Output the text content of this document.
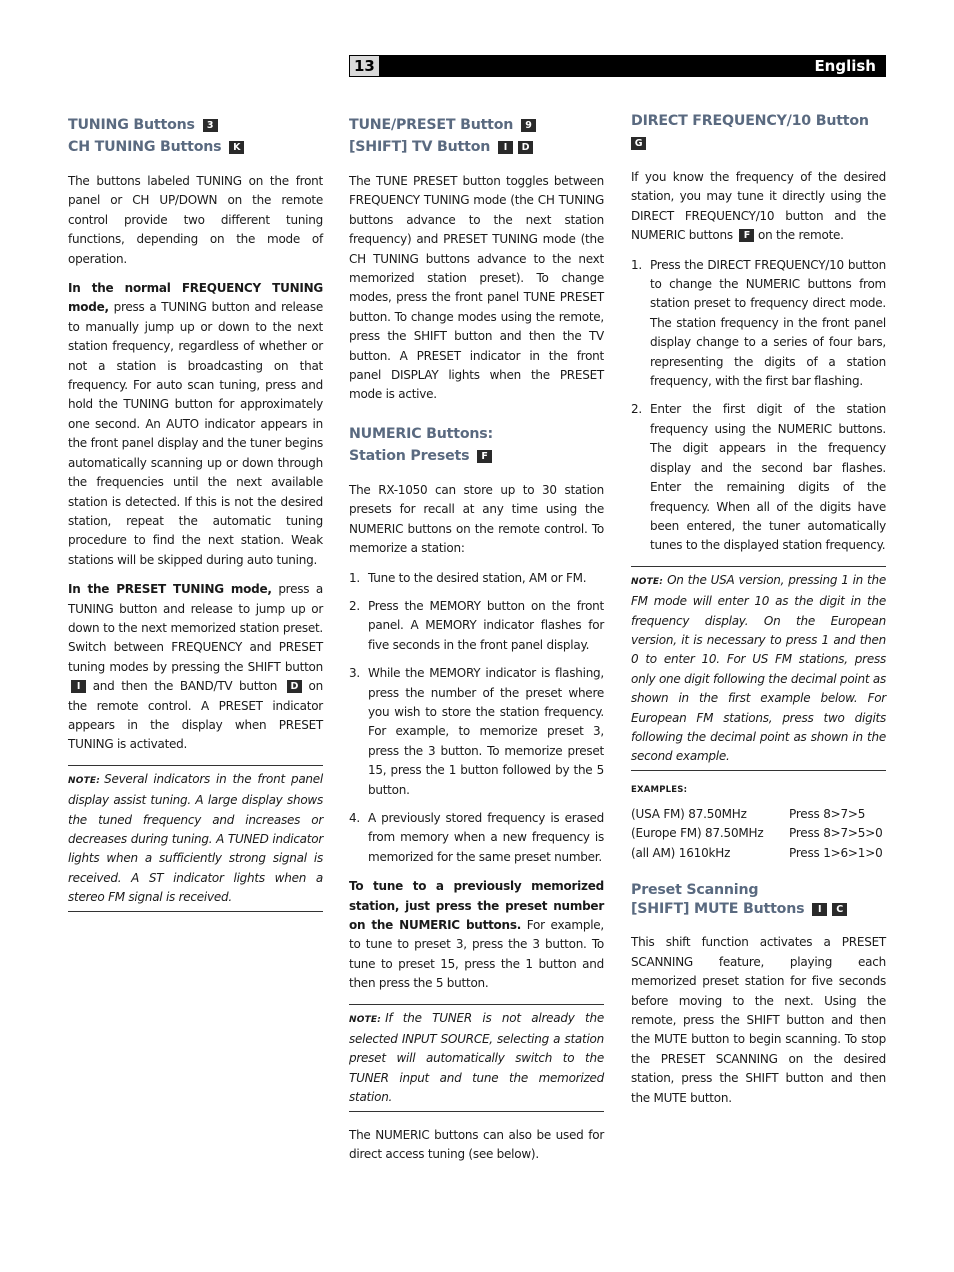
13	English
TUNING Buttons 3
CH TUNING Buttons K

The buttons labeled TUNING on the front panel or CH UP/DOWN on the remote control provide two different tuning functions, depending on the mode of operation.

In the normal FREQUENCY TUNING mode, press a TUNING button and release to manually jump up or down to the next station frequency, regardless of whether or not a station is broadcasting on that frequency. For auto scan tuning, press and hold the TUNING button for approximately one second. An AUTO indicator appears in the front panel display and the tuner begins automatically scanning up or down through the frequencies until the next available station is detected. If this is not the desired station, repeat the automatic tuning procedure to find the next station. Weak stations will be skipped during auto tuning.

In the PRESET TUNING mode, press a TUNING button and release to jump up or down to the next memorized station preset. Switch between FREQUENCY and PRESET tuning modes by pressing the SHIFT button I and then the BAND/TV button D on the remote control. A PRESET indicator appears in the display when PRESET TUNING is activated.

NOTE: Several indicators in the front panel display assist tuning. A large display shows the tuned frequency and increases or decreases during tuning. A TUNED indicator lights when a sufficiently strong signal is received. A ST indicator lights when a stereo FM signal is received.

TUNE/PRESET Button 9
[SHIFT] TV Button I D

The TUNE PRESET button toggles between FREQUENCY TUNING mode (the CH TUNING buttons advance to the next station frequency) and PRESET TUNING mode (the CH TUNING buttons advance to the next memorized station preset). To change modes, press the front panel TUNE PRESET button. To change modes using the remote, press the SHIFT button and then the TV button. A PRESET indicator in the front panel DISPLAY lights when the PRESET mode is active.

NUMERIC Buttons:
Station Presets F

The RX-1050 can store up to 30 station presets for recall at any time using the NUMERIC buttons on the remote control. To memorize a station:

1. Tune to the desired station, AM or FM.
2. Press the MEMORY button on the front panel. A MEMORY indicator flashes for five seconds in the front panel display.
3. While the MEMORY indicator is flashing, press the number of the preset where you wish to store the station frequency. For example, to memorize preset 3, press the 3 button. To memorize preset 15, press the 1 button followed by the 5 button.
4. A previously stored frequency is erased from memory when a new frequency is memorized for the same preset number.

To tune to a previously memorized station, just press the preset number on the NUMERIC buttons. For example, to tune to preset 3, press the 3 button. To tune to preset 15, press the 1 button and then press the 5 button.

NOTE: If the TUNER is not already the selected INPUT SOURCE, selecting a station preset will automatically switch to the TUNER input and tune the memorized station.

The NUMERIC buttons can also be used for direct access tuning (see below).

DIRECT FREQUENCY/10 Button
G

If you know the frequency of the desired station, you may tune it directly using the DIRECT FREQUENCY/10 button and the NUMERIC buttons F on the remote.

1. Press the DIRECT FREQUENCY/10 button to change the NUMERIC buttons from station preset to frequency direct mode. The station frequency in the front panel display change to a series of four bars, representing the digits of a station frequency, with the first bar flashing.
2. Enter the first digit of the station frequency using the NUMERIC buttons. The digit appears in the frequency display and the second bar flashes. Enter the remaining digits of the frequency. When all of the digits have been entered, the tuner automatically tunes to the displayed station frequency.

NOTE: On the USA version, pressing 1 in the FM mode will enter 10 as the digit in the frequency display. On the European version, it is necessary to press 1 and then 0 to enter 10. For US FM stations, press only one digit following the decimal point as shown in the first example below. For European FM stations, press two digits following the decimal point as shown in the second example.

EXAMPLES:
(USA FM) 87.50MHz	Press 8>7>5
(Europe FM) 87.50MHz	Press 8>7>5>0
(all AM) 1610kHz	Press 1>6>1>0
Preset Scanning
[SHIFT] MUTE Buttons I C

This shift function activates a PRESET SCANNING feature, playing each memorized preset station for five seconds before moving to the next. Using the remote, press the SHIFT button and then the MUTE button to begin scanning. To stop the PRESET SCANNING on the desired station, press the SHIFT button and then the MUTE button.
